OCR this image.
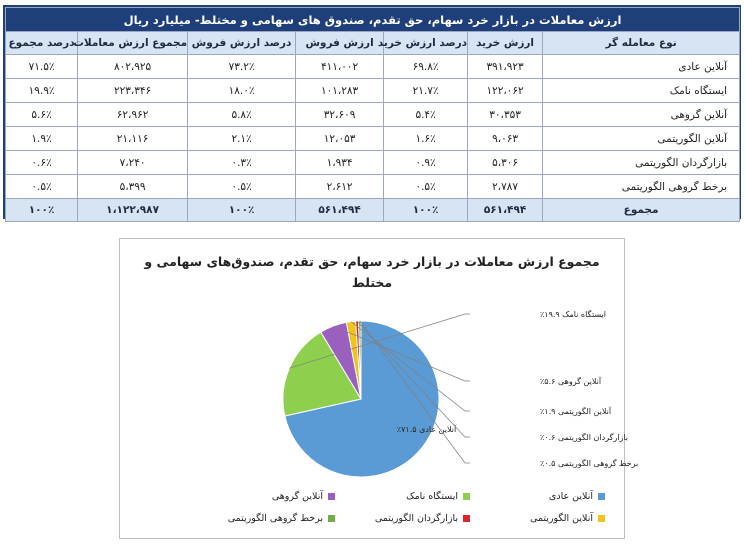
ارزش معاملات در بازار خرد سهام، حق تقدم، صندوق های سهامی و مختلط- میلیارد ریال						
نوع معامله گر	ارزش خرید	درصد ارزش خرید	ارزش فروش	درصد ارزش فروش	مجموع ارزش معاملات	درصد مجموع
آنلاین عادی	۳۹۱،۹۲۳	۶۹.۸٪	۴۱۱،۰۰۲	۷۳.۲٪	۸۰۲،۹۲۵	۷۱.۵٪
ایستگاه نامک	۱۲۲،۰۶۲	۲۱.۷٪	۱۰۱،۲۸۳	۱۸.۰٪	۲۲۳،۳۴۶	۱۹.۹٪
آنلاین گروهی	۳۰،۳۵۳	۵.۴٪	۳۲،۶۰۹	۵.۸٪	۶۲،۹۶۲	۵.۶٪
آنلاین الگوریتمی	۹،۰۶۳	۱.۶٪	۱۲،۰۵۳	۲.۱٪	۲۱،۱۱۶	۱.۹٪
بازارگردان الگوریتمی	۵،۳۰۶	۰.۹٪	۱،۹۳۴	۰.۳٪	۷،۲۴۰	۰.۶٪
برخط گروهی الگوریتمی	۲،۷۸۷	۰.۵٪	۲،۶۱۲	۰.۵٪	۵،۳۹۹	۰.۵٪
مجموع	۵۶۱،۴۹۴	۱۰۰٪	۵۶۱،۴۹۴	۱۰۰٪	۱،۱۲۲،۹۸۷	۱۰۰٪
مجموع ارزش معاملات در بازار خرد سهام، حق تقدم، صندوق‌های سهامی و مختلط
آنلاین عادی ۷۱.۵٪
ایستگاه نامک ۱۹.۹٪
آنلاین گروهی ۵.۶٪
آنلاین الگوریتمی ۱.۹٪
بازارگردان الگوریتمی ۰.۶٪
برخط گروهی الگوریتمی ۰.۵٪
آنلاین عادی
ایستگاه نامک
آنلاین گروهی
آنلاین الگوریتمی
بازارگردان الگوریتمی
برخط گروهی الگوریتمی
